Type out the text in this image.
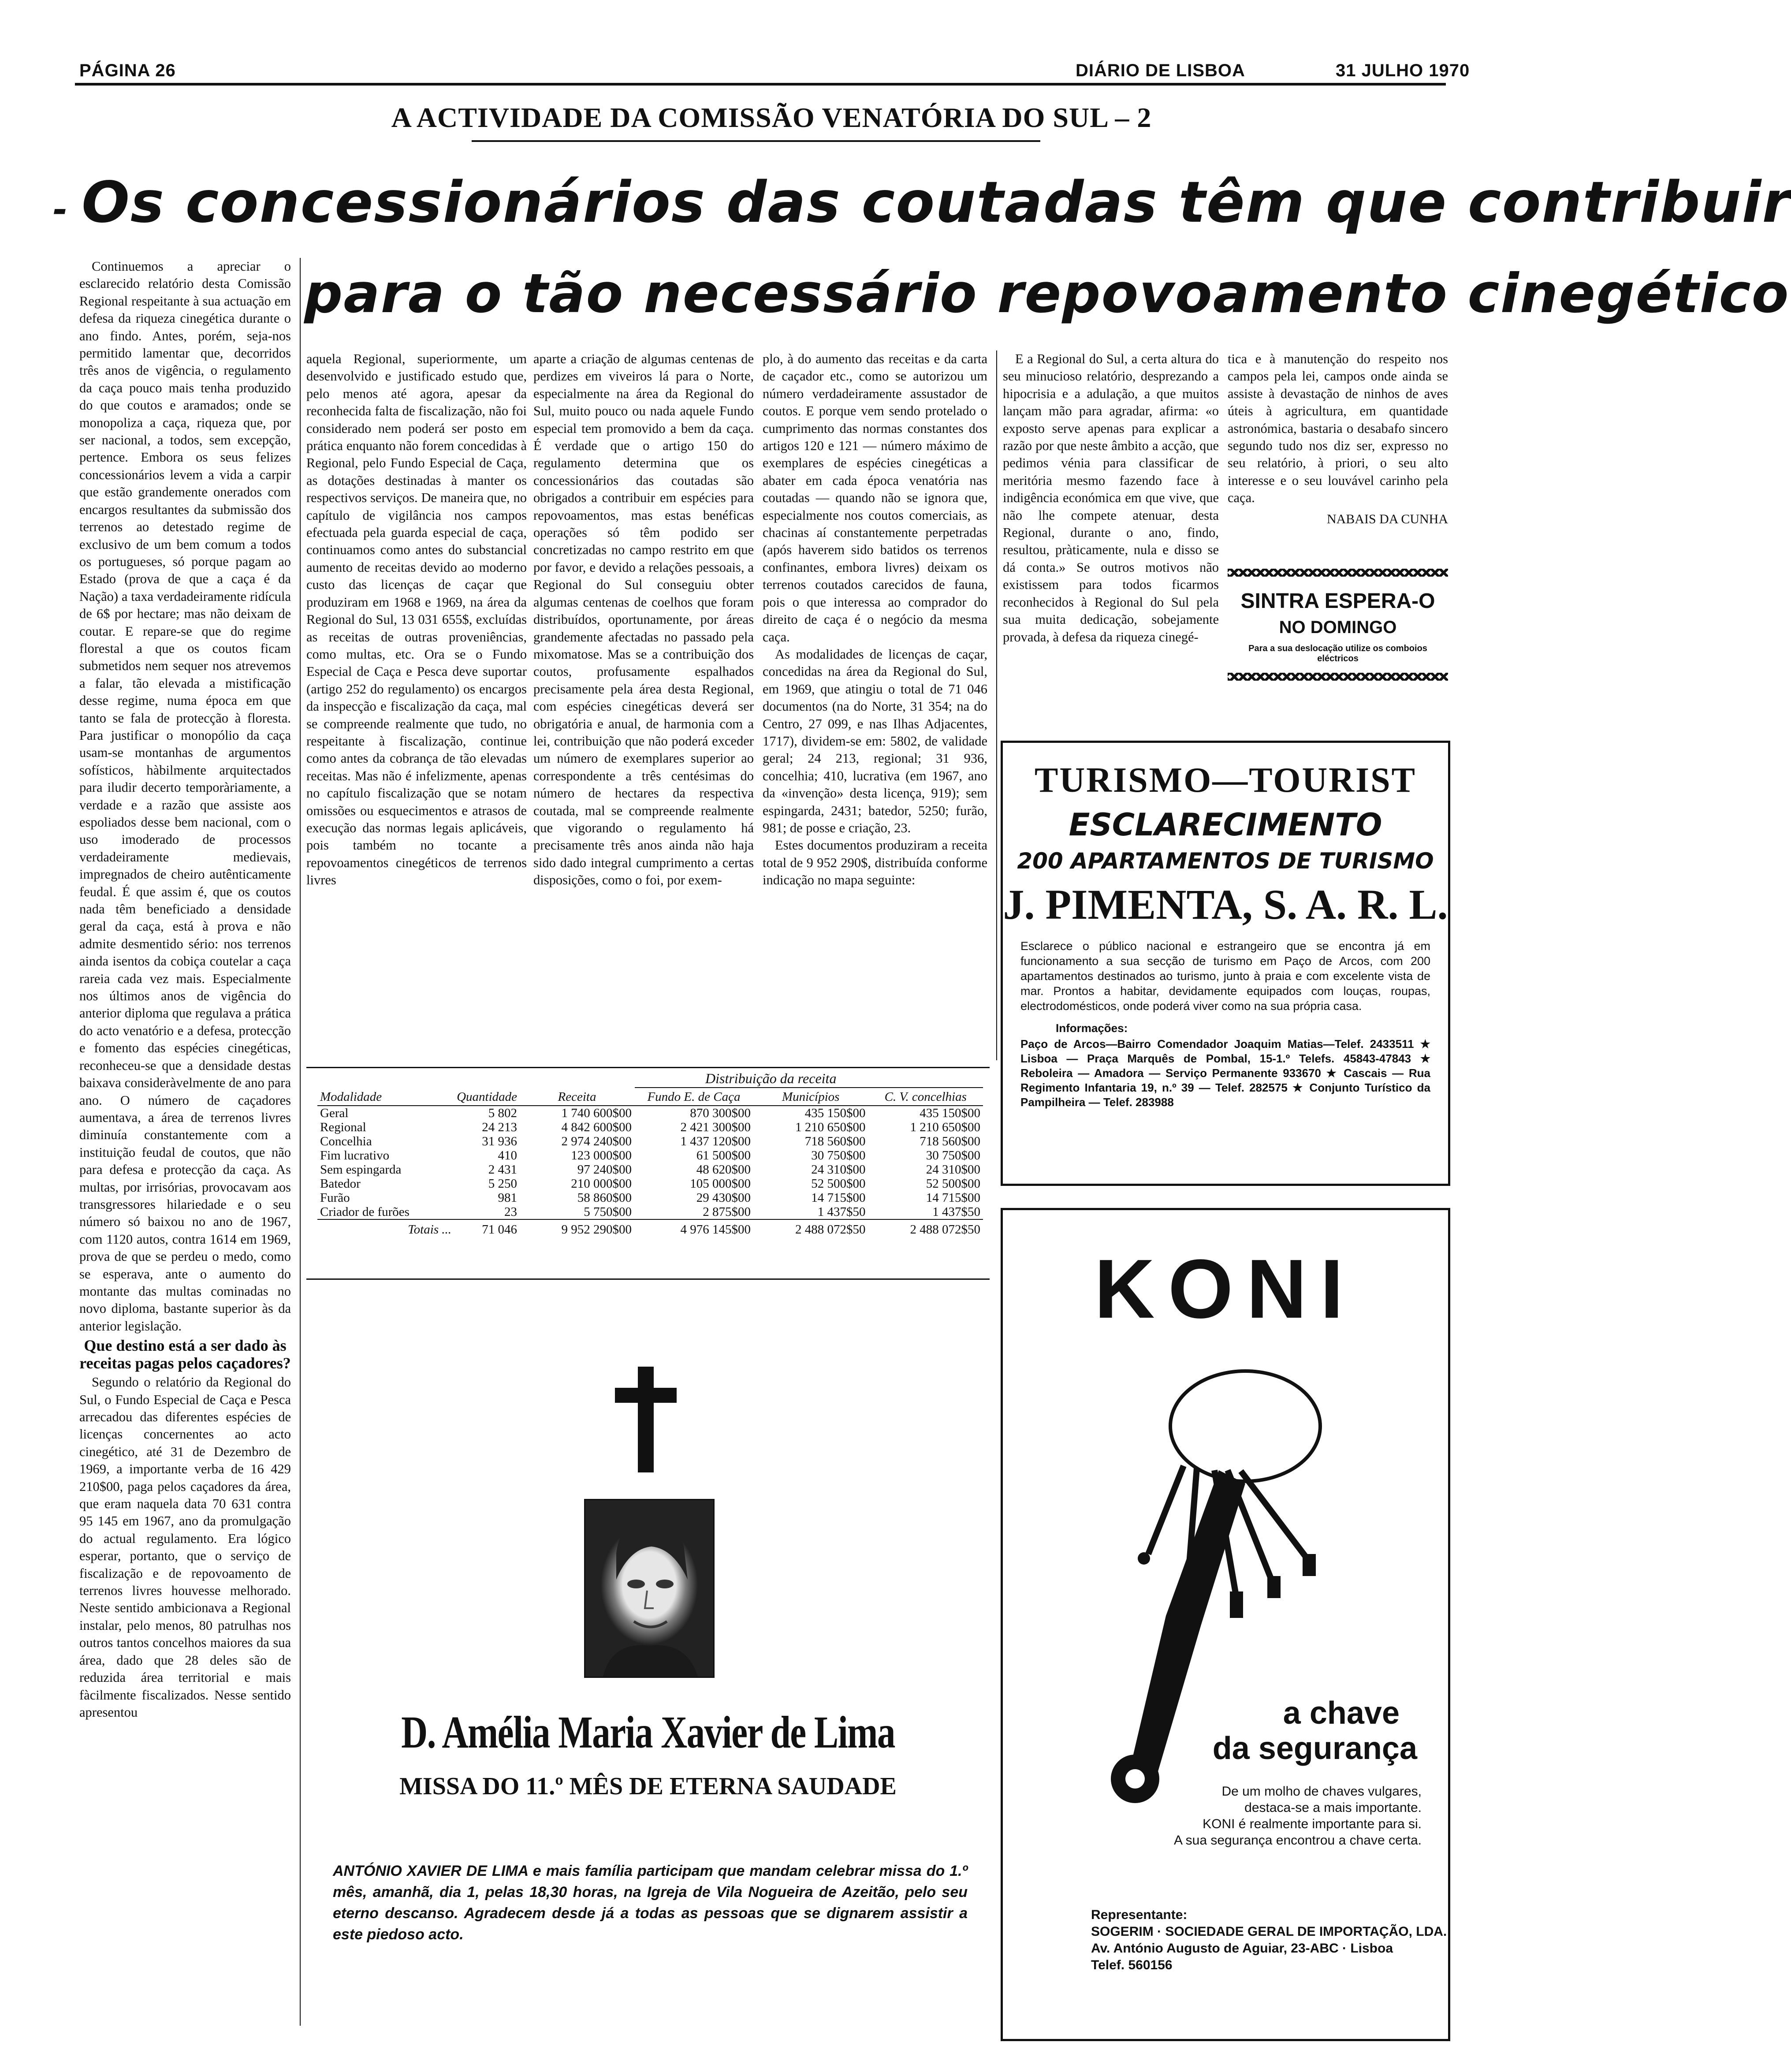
PÁGINA 26	DIÁRIO DE LISBOA	31 JULHO 1970
A ACTIVIDADE DA COMISSÃO VENATÓRIA DO SUL – 2
- Os concessionários das coutadas têm que contribuir
para o tão necessário repovoamento cinegético

Continuemos a apreciar o esclarecido relatório desta Comissão Regional respeitante à sua actuação em defesa da riqueza cinegética durante o ano findo. Antes, porém, seja-nos permitido lamentar que, decorridos três anos de vigência, o regulamento da caça pouco mais tenha produzido do que coutos e aramados; onde se monopoliza a caça, riqueza que, por ser nacional, a todos, sem excepção, pertence. Embora os seus felizes concessionários levem a vida a carpir que estão grandemente onerados com encargos resultantes da submissão dos terrenos ao detestado regime de exclusivo de um bem comum a todos os portugueses, só porque pagam ao Estado (prova de que a caça é da Nação) a taxa verdadeiramente ridícula de 6$ por hectare; mas não deixam de coutar. E repare-se que do regime florestal a que os coutos ficam submetidos nem sequer nos atrevemos a falar, tão elevada a mistificação desse regime, numa época em que tanto se fala de protecção à floresta. Para justificar o monopólio da caça usam-se montanhas de argumentos sofísticos, hàbilmente arquitectados para iludir decerto temporàriamente, a verdade e a razão que assiste aos espoliados desse bem nacional, com o uso imoderado de processos verdadeiramente medievais, impregnados de cheiro autênticamente feudal. É que assim é, que os coutos nada têm beneficiado a densidade geral da caça, está à prova e não admite desmentido sério: nos terrenos ainda isentos da cobiça coutelar a caça rareia cada vez mais. Especialmente nos últimos anos de vigência do anterior diploma que regulava a prática do acto venatório e a defesa, protecção e fomento das espécies cinegéticas, reconheceu-se que a densidade destas baixava consideràvelmente de ano para ano. O número de caçadores aumentava, a área de terrenos livres diminuía constantemente com a instituição feudal de coutos, que não para defesa e protecção da caça. As multas, por irrisórias, provocavam aos transgressores hilariedade e o seu número só baixou no ano de 1967, com 1120 autos, contra 1614 em 1969, prova de que se perdeu o medo, como se esperava, ante o aumento do montante das multas cominadas no novo diploma, bastante superior às da anterior legislação.

Que destino está a ser dado às receitas pagas pelos caçadores?

Segundo o relatório da Regional do Sul, o Fundo Especial de Caça e Pesca arrecadou das diferentes espécies de licenças concernentes ao acto cinegético, até 31 de Dezembro de 1969, a importante verba de 16 429 210$00, paga pelos caçadores da área, que eram naquela data 70 631 contra 95 145 em 1967, ano da promulgação do actual regulamento. Era lógico esperar, portanto, que o serviço de fiscalização e de repovoamento de terrenos livres houvesse melhorado. Neste sentido ambicionava a Regional instalar, pelo menos, 80 patrulhas nos outros tantos concelhos maiores da sua área, dado que 28 deles são de reduzida área territorial e mais fàcilmente fiscalizados. Nesse sentido apresentou

aquela Regional, superiormente, um desenvolvido e justificado estudo que, pelo menos até agora, apesar da reconhecida falta de fiscalização, não foi considerado nem poderá ser posto em prática enquanto não forem concedidas à Regional, pelo Fundo Especial de Caça, as dotações destinadas à manter os respectivos serviços. De maneira que, no capítulo de vigilância nos campos efectuada pela guarda especial de caça, continuamos como antes do substancial aumento de receitas devido ao moderno custo das licenças de caçar que produziram em 1968 e 1969, na área da Regional do Sul, 13 031 655$, excluídas as receitas de outras proveniências, como multas, etc. Ora se o Fundo Especial de Caça e Pesca deve suportar (artigo 252 do regulamento) os encargos da inspecção e fiscalização da caça, mal se compreende realmente que tudo, no respeitante à fiscalização, continue como antes da cobrança de tão elevadas receitas. Mas não é infelizmente, apenas no capítulo fiscalização que se notam omissões ou esquecimentos e atrasos de execução das normas legais aplicáveis, pois também no tocante a repovoamentos cinegéticos de terrenos livres

aparte a criação de algumas centenas de perdizes em viveiros lá para o Norte, especialmente na área da Regional do Sul, muito pouco ou nada aquele Fundo especial tem promovido a bem da caça. É verdade que o artigo 150 do regulamento determina que os concessionários das coutadas são obrigados a contribuir em espécies para repovoamentos, mas estas benéficas operações só têm podido ser concretizadas no campo restrito em que por favor, e devido a relações pessoais, a Regional do Sul conseguiu obter algumas centenas de coelhos que foram distribuídos, oportunamente, por áreas grandemente afectadas no passado pela mixomatose. Mas se a contribuição dos coutos, profusamente espalhados precisamente pela área desta Regional, com espécies cinegéticas deverá ser obrigatória e anual, de harmonia com a lei, contribuição que não poderá exceder um número de exemplares superior ao correspondente a três centésimas do número de hectares da respectiva coutada, mal se compreende realmente que vigorando o regulamento há precisamente três anos ainda não haja sido dado integral cumprimento a certas disposições, como o foi, por exem-

plo, à do aumento das receitas e da carta de caçador etc., como se autorizou um número verdadeiramente assustador de coutos. E porque vem sendo protelado o cumprimento das normas constantes dos artigos 120 e 121 — número máximo de exemplares de espécies cinegéticas a abater em cada época venatória nas coutadas — quando não se ignora que, especialmente nos coutos comerciais, as chacinas aí constantemente perpetradas (após haverem sido batidos os terrenos confinantes, embora livres) deixam os terrenos coutados carecidos de fauna, pois o que interessa ao comprador do direito de caça é o negócio da mesma caça.

As modalidades de licenças de caçar, concedidas na área da Regional do Sul, em 1969, que atingiu o total de 71 046 documentos (na do Norte, 31 354; na do Centro, 27 099, e nas Ilhas Adjacentes, 1717), dividem-se em: 5802, de validade geral; 24 213, regional; 31 936, concelhia; 410, lucrativa (em 1967, ano da «invenção» desta licença, 919); sem espingarda, 2431; batedor, 5250; furão, 981; de posse e criação, 23.

Estes documentos produziram a receita total de 9 952 290$, distribuída conforme indicação no mapa seguinte:

E a Regional do Sul, a certa altura do seu minucioso relatório, desprezando a hipocrisia e a adulação, a que muitos lançam mão para agradar, afirma: «o exposto serve apenas para explicar a razão por que neste âmbito a acção, que pedimos vénia para classificar de meritória mesmo fazendo face à indigência económica em que vive, que não lhe compete atenuar, desta Regional, durante o ano, findo, resultou, pràticamente, nula e disso se dá conta.» Se outros motivos não existissem para todos ficarmos reconhecidos à Regional do Sul pela sua muita dedicação, sobejamente provada, à defesa da riqueza cinegé-

tica e à manutenção do respeito nos campos pela lei, campos onde ainda se assiste à devastação de ninhos de aves úteis à agricultura, em quantidade astronómica, bastaria o desabafo sincero segundo tudo nos diz ser, expresso no seu relatório, à priori, o seu alto interesse e o seu louvável carinho pela caça.

NABAIS DA CUNHA
SINTRA ESPERA-O
NO DOMINGO
Para a sua deslocação utilize os comboios eléctricos
Distribuição da receita
Modalidade	Quantidade	Receita	Fundo E. de Caça	Municípios	C. V. concelhias
Geral	5 802	1 740 600$00	870 300$00	435 150$00	435 150$00
Regional	24 213	4 842 600$00	2 421 300$00	1 210 650$00	1 210 650$00
Concelhia	31 936	2 974 240$00	1 437 120$00	718 560$00	718 560$00
Fim lucrativo	410	123 000$00	61 500$00	30 750$00	30 750$00
Sem espingarda	2 431	97 240$00	48 620$00	24 310$00	24 310$00
Batedor	5 250	210 000$00	105 000$00	52 500$00	52 500$00
Furão	981	58 860$00	29 430$00	14 715$00	14 715$00
Criador de furões	23	5 750$00	2 875$00	1 437$50	1 437$50
Totais ...	71 046	9 952 290$00	4 976 145$00	2 488 072$50	2 488 072$50
D. Amélia Maria Xavier de Lima
MISSA DO 11.º MÊS DE ETERNA SAUDADE
ANTÓNIO XAVIER DE LIMA e mais família participam que mandam celebrar missa do 1.º mês, amanhã, dia 1, pelas 18,30 horas, na Igreja de Vila Nogueira de Azeitão, pelo seu eterno descanso. Agradecem desde já a todas as pessoas que se dignarem assistir a este piedoso acto.
TURISMO—TOURIST
ESCLARECIMENTO
200 APARTAMENTOS DE TURISMO
J. PIMENTA, S. A. R. L.
Esclarece o público nacional e estrangeiro que se encontra já em funcionamento a sua secção de turismo em Paço de Arcos, com 200 apartamentos destinados ao turismo, junto à praia e com excelente vista de mar. Prontos a habitar, devidamente equipados com louças, roupas, electrodomésticos, onde poderá viver como na sua própria casa.
Informações:
Paço de Arcos—Bairro Comendador Joaquim Matias—Telef. 2433511 ★ Lisboa — Praça Marquês de Pombal, 15-1.º Telefs. 45843-47843 ★ Reboleira — Amadora — Serviço Permanente 933670 ★ Cascais — Rua Regimento Infantaria 19, n.º 39 — Telef. 282575 ★ Conjunto Turístico da Pampilheira — Telef. 283988
KONI
a chave
da segurança
De um molho de chaves vulgares,
destaca-se a mais importante.
KONI é realmente importante para si.
A sua segurança encontrou a chave certa.
Representante:
SOGERIM · SOCIEDADE GERAL DE IMPORTAÇÃO, LDA.
Av. António Augusto de Aguiar, 23-ABC · Lisboa
Telef. 560156
